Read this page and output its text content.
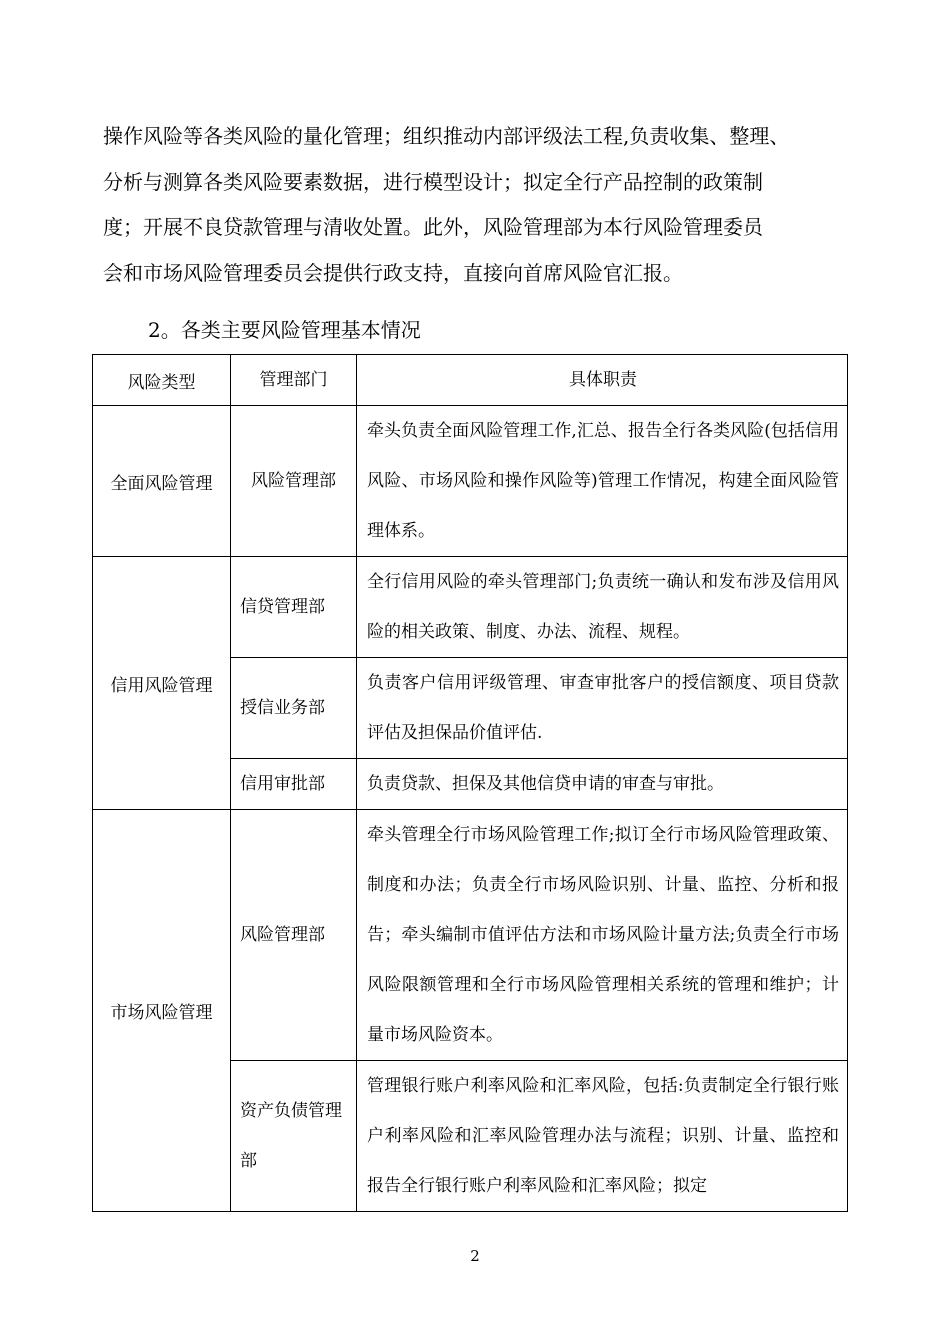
操作风险等各类风险的量化管理；组织推动内部评级法工程,负责收集、整理、
分析与测算各类风险要素数据，进行模型设计；拟定全行产品控制的政策制
度；开展不良贷款管理与清收处置。此外，风险管理部为本行风险管理委员
会和市场风险管理委员会提供行政支持，直接向首席风险官汇报。
2。各类主要风险管理基本情况
风险类型	管理部门	具体职责
全面风险管理	风险管理部	牵头负责全面风险管理工作,汇总、报告全行各类风险(包括信用风险、市场风险和操作风险等)管理工作情况，构建全面风险管理体系。
信用风险管理	信贷管理部	全行信用风险的牵头管理部门;负责统一确认和发布涉及信用风险的相关政策、制度、办法、流程、规程。
	授信业务部	负责客户信用评级管理、审查审批客户的授信额度、项目贷款评估及担保品价值评估.
	信用审批部	负责贷款、担保及其他信贷申请的审查与审批。
市场风险管理	风险管理部	牵头管理全行市场风险管理工作;拟订全行市场风险管理政策、制度和办法；负责全行市场风险识别、计量、监控、分析和报告；牵头编制市值评估方法和市场风险计量方法;负责全行市场风险限额管理和全行市场风险管理相关系统的管理和维护；计量市场风险资本。
	资产负债管理部	管理银行账户利率风险和汇率风险，包括:负责制定全行银行账户利率风险和汇率风险管理办法与流程；识别、计量、监控和报告全行银行账户利率风险和汇率风险；拟定
2
